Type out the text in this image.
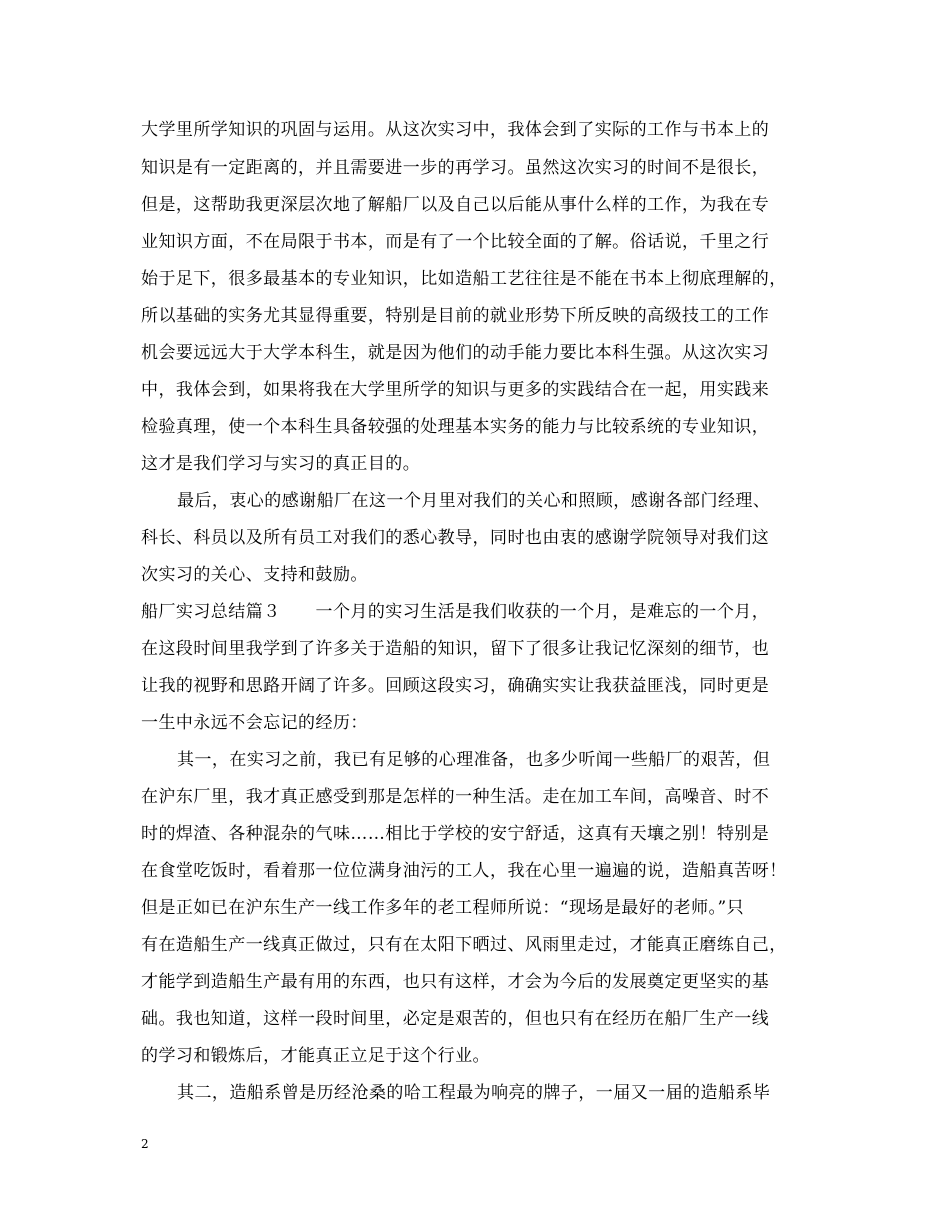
大学里所学知识的巩固与运用。从这次实习中，我体会到了实际的工作与书本上的
知识是有一定距离的，并且需要进一步的再学习。虽然这次实习的时间不是很长，
但是，这帮助我更深层次地了解船厂以及自己以后能从事什么样的工作，为我在专
业知识方面，不在局限于书本，而是有了一个比较全面的了解。俗话说，千里之行
始于足下，很多最基本的专业知识，比如造船工艺往往是不能在书本上彻底理解的，
所以基础的实务尤其显得重要，特别是目前的就业形势下所反映的高级技工的工作
机会要远远大于大学本科生，就是因为他们的动手能力要比本科生强。从这次实习
中，我体会到，如果将我在大学里所学的知识与更多的实践结合在一起，用实践来
检验真理，使一个本科生具备较强的处理基本实务的能力与比较系统的专业知识，
这才是我们学习与实习的真正目的。
最后，衷心的感谢船厂在这一个月里对我们的关心和照顾，感谢各部门经理、
科长、科员以及所有员工对我们的悉心教导，同时也由衷的感谢学院领导对我们这
次实习的关心、支持和鼓励。
船厂实习总结篇３　　一个月的实习生活是我们收获的一个月，是难忘的一个月，
在这段时间里我学到了许多关于造船的知识，留下了很多让我记忆深刻的细节，也
让我的视野和思路开阔了许多。回顾这段实习，确确实实让我获益匪浅，同时更是
一生中永远不会忘记的经历：
其一，在实习之前，我已有足够的心理准备，也多少听闻一些船厂的艰苦，但
在沪东厂里，我才真正感受到那是怎样的一种生活。走在加工车间，高噪音、时不
时的焊渣、各种混杂的气味……相比于学校的安宁舒适，这真有天壤之别！特别是
在食堂吃饭时，看着那一位位满身油污的工人，我在心里一遍遍的说，造船真苦呀！
但是正如已在沪东生产一线工作多年的老工程师所说：“现场是最好的老师。”只
有在造船生产一线真正做过，只有在太阳下晒过、风雨里走过，才能真正磨练自己，
才能学到造船生产最有用的东西，也只有这样，才会为今后的发展奠定更坚实的基
础。我也知道，这样一段时间里，必定是艰苦的，但也只有在经历在船厂生产一线
的学习和锻炼后，才能真正立足于这个行业。
其二，造船系曾是历经沧桑的哈工程最为响亮的牌子，一届又一届的造船系毕
2
